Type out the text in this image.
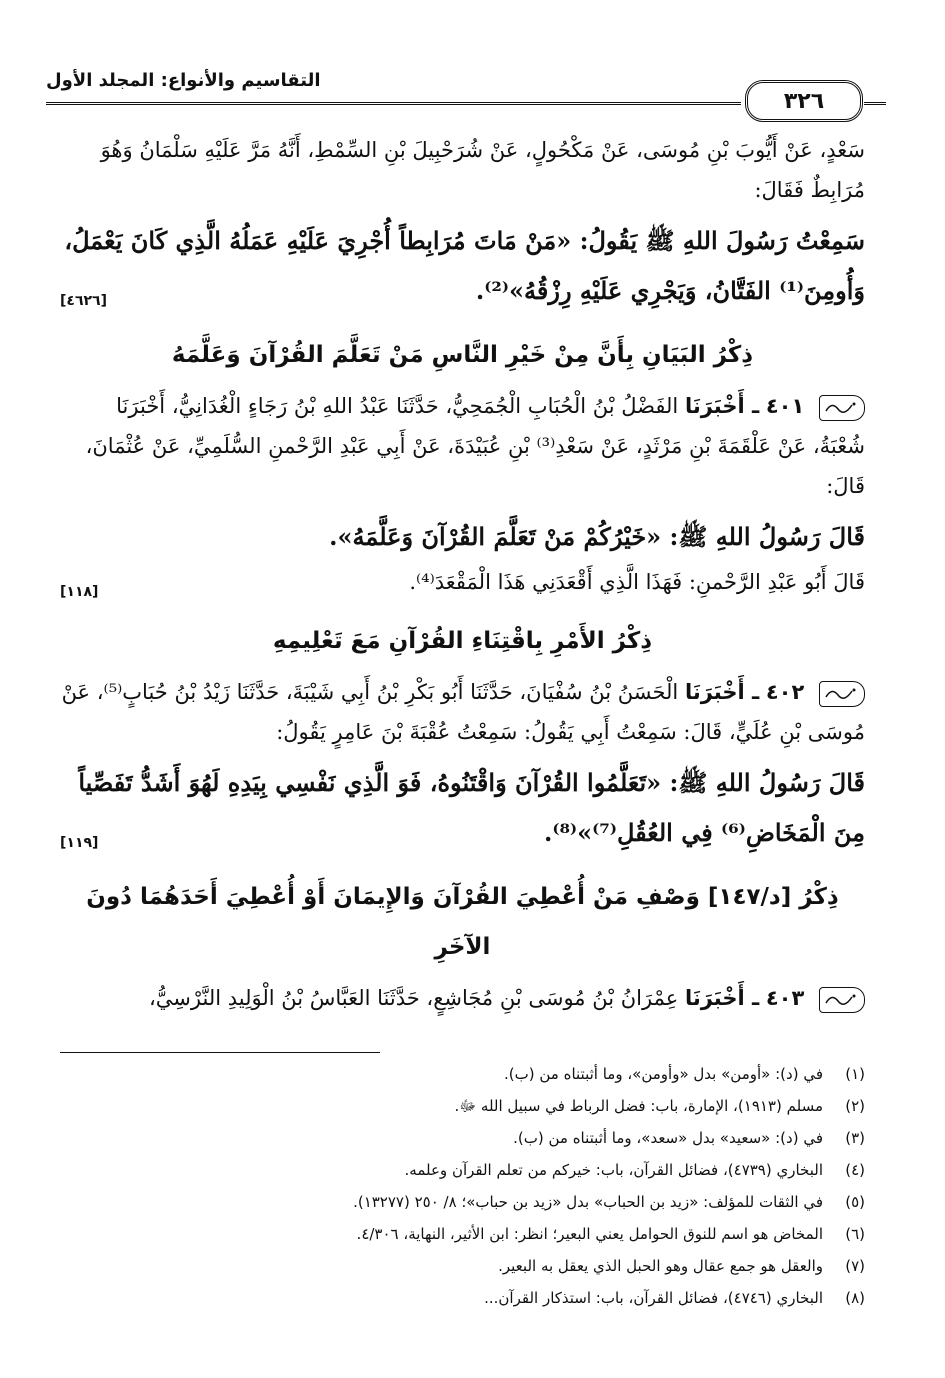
التقاسيم والأنواع: المجلد الأول
٣٢٦

سَعْدٍ، عَنْ أَيُّوبَ بْنِ مُوسَى، عَنْ مَكْحُولٍ، عَنْ شُرَحْبِيلَ بْنِ السِّمْطِ، أَنَّهُ مَرَّ عَلَيْهِ سَلْمَانُ وَهُوَ مُرَابِطٌ فَقَالَ:

سَمِعْتُ رَسُولَ اللهِ ﷺ يَقُولُ: «مَنْ مَاتَ مُرَابِطاً أُجْرِيَ عَلَيْهِ عَمَلُهُ الَّذِي كَانَ يَعْمَلُ، وَأُومِنَ⁽¹⁾ الفَتَّانُ، وَيَجْرِي عَلَيْهِ رِزْقُهُ»⁽²⁾.
[٤٦٢٦]

ذِكْرُ البَيَانِ بِأَنَّ مِنْ خَيْرِ النَّاسِ مَنْ تَعَلَّمَ القُرْآنَ وَعَلَّمَهُ

٤٠١ ـ أَخْبَرَنَا الفَضْلُ بْنُ الْحُبَابِ الْجُمَحِيُّ، حَدَّثَنَا عَبْدُ اللهِ بْنُ رَجَاءٍ الْغُدَانِيُّ، أَخْبَرَنَا شُعْبَةُ، عَنْ عَلْقَمَةَ بْنِ مَرْثَدٍ، عَنْ سَعْدِ⁽³⁾ بْنِ عُبَيْدَةَ، عَنْ أَبِي عَبْدِ الرَّحْمنِ السُّلَمِيِّ، عَنْ عُثْمَانَ، قَالَ:

قَالَ رَسُولُ اللهِ ﷺ: «خَيْرُكُمْ مَنْ تَعَلَّمَ القُرْآنَ وَعَلَّمَهُ».

قَالَ أَبُو عَبْدِ الرَّحْمنِ: فَهَذَا الَّذِي أَقْعَدَنِي هَذَا الْمَقْعَدَ⁽⁴⁾.
[١١٨]

ذِكْرُ الأَمْرِ بِاقْتِنَاءِ القُرْآنِ مَعَ تَعْلِيمِهِ

٤٠٢ ـ أَخْبَرَنَا الْحَسَنُ بْنُ سُفْيَانَ، حَدَّثَنَا أَبُو بَكْرِ بْنُ أَبِي شَيْبَةَ، حَدَّثَنَا زَيْدُ بْنُ حُبَابٍ⁽⁵⁾، عَنْ مُوسَى بْنِ عُلَيٍّ، قَالَ: سَمِعْتُ أَبِي يَقُولُ: سَمِعْتُ عُقْبَةَ بْنَ عَامِرٍ يَقُولُ:

قَالَ رَسُولُ اللهِ ﷺ: «تَعَلَّمُوا القُرْآنَ وَاقْتَنُوهُ، فَوَ الَّذِي نَفْسِي بِيَدِهِ لَهُوَ أَشَدُّ تَفَصِّياً مِنَ الْمَخَاضِ⁽⁶⁾ فِي العُقُلِ⁽⁷⁾»⁽⁸⁾.
[١١٩]

ذِكْرُ [د/١٤٧] وَصْفِ مَنْ أُعْطِيَ القُرْآنَ وَالإِيمَانَ أَوْ أُعْطِيَ أَحَدَهُمَا دُونَ الآخَرِ

٤٠٣ ـ أَخْبَرَنَا عِمْرَانُ بْنُ مُوسَى بْنِ مُجَاشِعٍ، حَدَّثَنَا العَبَّاسُ بْنُ الْوَلِيدِ النَّرْسِيُّ،

(١)في (د): «أومن» بدل «وأومن»، وما أثبتناه من (ب).

(٢)مسلم (١٩١٣)، الإمارة، باب: فضل الرباط في سبيل الله ﷻ.

(٣)في (د): «سعيد» بدل «سعد»، وما أثبتناه من (ب).

(٤)البخاري (٤٧٣٩)، فضائل القرآن، باب: خيركم من تعلم القرآن وعلمه.

(٥)في الثقات للمؤلف: «زيد بن الحباب» بدل «زيد بن حباب»؛ ٨/ ٢٥٠ (١٣٢٧٧).

(٦)المخاض هو اسم للنوق الحوامل يعني البعير؛ انظر: ابن الأثير، النهاية، ٤/٣٠٦.

(٧)والعقل هو جمع عقال وهو الحبل الذي يعقل به البعير.

(٨)البخاري (٤٧٤٦)، فضائل القرآن، باب: استذكار القرآن...
